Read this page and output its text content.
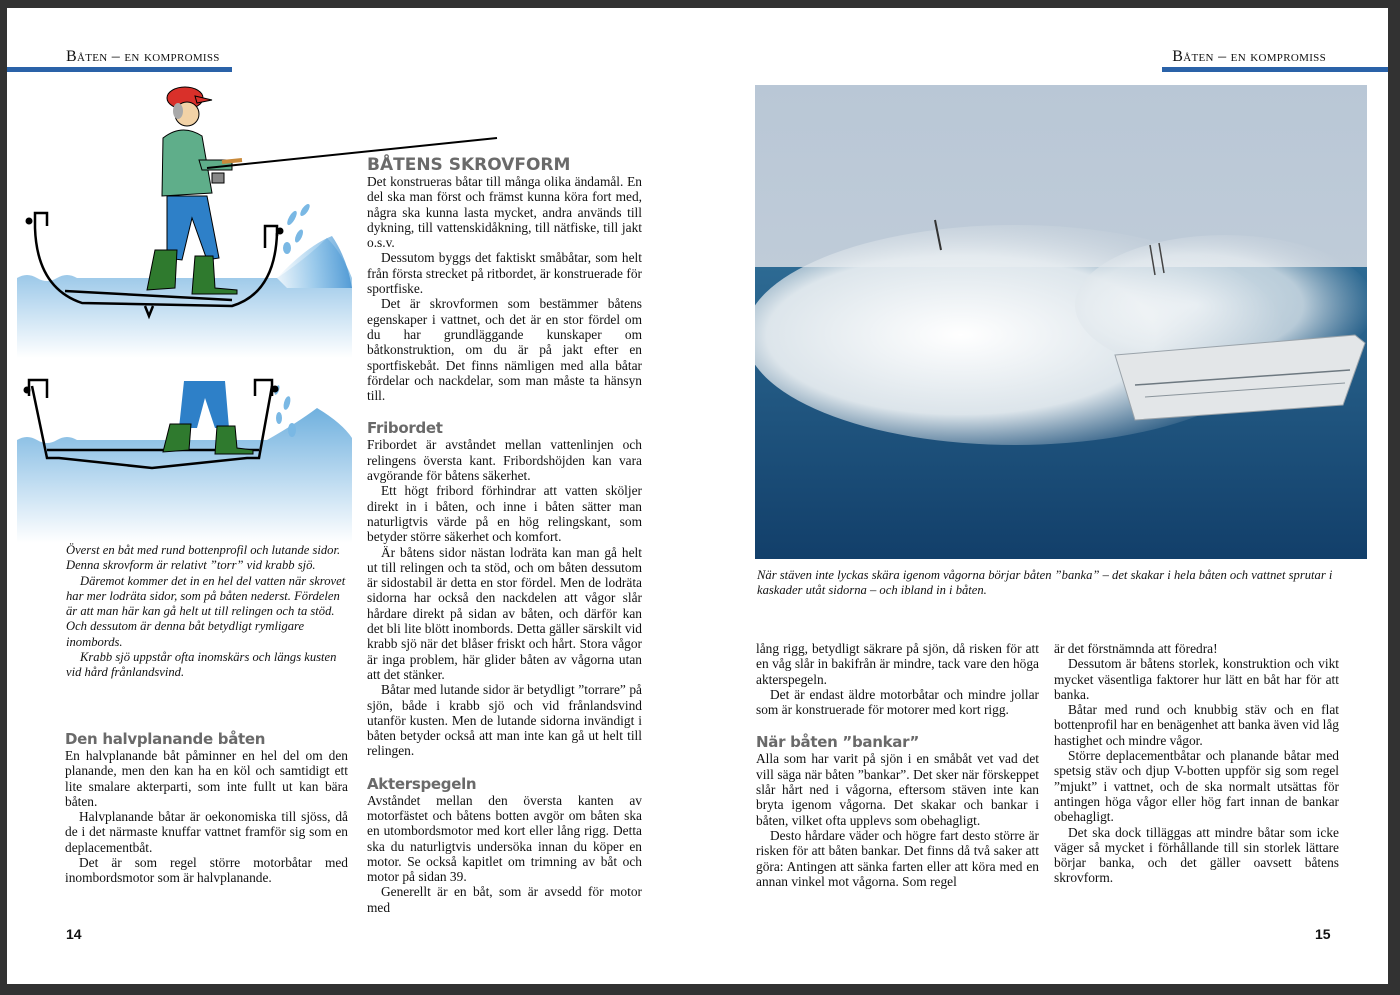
Båten – en kompromiss	Båten – en kompromiss

Överst en båt med rund bottenprofil och lutande sidor. Denna skrovform är relativt ”torr” vid krabb sjö.

Däremot kommer det in en hel del vatten när skrovet har mer lodräta sidor, som på båten nederst. Fördelen är att man här kan gå helt ut till relingen och ta stöd. Och dessutom är denna båt betydligt rymligare inombords.

Krabb sjö uppstår ofta inomskärs och längs kusten vid hård frånlandsvind.

Den halvplanande båten

En halvplanande båt påminner en hel del om den planande, men den kan ha en köl och samtidigt ett lite smalare akterparti, som inte fullt ut kan bära båten.

Halvplanande båtar är oekonomiska till sjöss, då de i det närmaste knuffar vattnet framför sig som en deplacementbåt.

Det är som regel större motorbåtar med inombordsmotor som är halvplanande.

BÅTENS SKROVFORM

Det konstrueras båtar till många olika ändamål. En del ska man först och främst kunna köra fort med, några ska kunna lasta mycket, andra används till dykning, till vattenskidåkning, till nätfiske, till jakt o.s.v.

Dessutom byggs det faktiskt småbåtar, som helt från första strecket på ritbordet, är konstruerade för sportfiske.

Det är skrovformen som bestämmer båtens egenskaper i vattnet, och det är en stor fördel om du har grundläggande kunskaper om båtkonstruktion, om du är på jakt efter en sportfiskebåt. Det finns nämligen med alla båtar fördelar och nackdelar, som man måste ta hänsyn till.

Fribordet

Fribordet är avståndet mellan vattenlinjen och relingens översta kant. Fribordshöjden kan vara avgörande för båtens säkerhet.

Ett högt fribord förhindrar att vatten sköljer direkt in i båten, och inne i båten sätter man naturligtvis värde på en hög relingskant, som betyder större säkerhet och komfort.

Är båtens sidor nästan lodräta kan man gå helt ut till relingen och ta stöd, och om båten dessutom är sidostabil är detta en stor fördel. Men de lodräta sidorna har också den nackdelen att vågor slår hårdare direkt på sidan av båten, och därför kan det bli lite blött inombords. Detta gäller särskilt vid krabb sjö när det blåser friskt och hårt. Stora vågor är inga problem, här glider båten av vågorna utan att det stänker.

Båtar med lutande sidor är betydligt ”torrare” på sjön, både i krabb sjö och vid frånlandsvind utanför kusten. Men de lutande sidorna invändigt i båten betyder också att man inte kan gå ut helt till relingen.

Akterspegeln

Avståndet mellan den översta kanten av motorfästet och båtens botten avgör om båten ska en utombordsmotor med kort eller lång rigg. Detta ska du naturligtvis undersöka innan du köper en motor. Se också kapitlet om trimning av båt och motor på sidan 39.

Generellt är en båt, som är avsedd för motor med

14

När stäven inte lyckas skära igenom vågorna börjar båten ”banka” – det skakar i hela båten och vattnet sprutar i kaskader utåt sidorna – och ibland in i båten.

lång rigg, betydligt säkrare på sjön, då risken för att en våg slår in bakifrån är mindre, tack vare den höga akterspegeln.

Det är endast äldre motorbåtar och mindre jollar som är konstruerade för motorer med kort rigg.

När båten ”bankar”

Alla som har varit på sjön i en småbåt vet vad det vill säga när båten ”bankar”. Det sker när förskeppet slår hårt ned i vågorna, eftersom stäven inte kan bryta igenom vågorna. Det skakar och bankar i båten, vilket ofta upplevs som obehagligt.

Desto hårdare väder och högre fart desto större är risken för att båten bankar. Det finns då två saker att göra: Antingen att sänka farten eller att köra med en annan vinkel mot vågorna. Som regel

är det förstnämnda att föredra!

Dessutom är båtens storlek, konstruktion och vikt mycket väsentliga faktorer hur lätt en båt har för att banka.

Båtar med rund och knubbig stäv och en flat bottenprofil har en benägenhet att banka även vid låg hastighet och mindre vågor.

Större deplacementbåtar och planande båtar med spetsig stäv och djup V-botten uppför sig som regel ”mjukt” i vattnet, och de ska normalt utsättas för antingen höga vågor eller hög fart innan de bankar obehagligt.

Det ska dock tilläggas att mindre båtar som icke väger så mycket i förhållande till sin storlek lättare börjar banka, och det gäller oavsett båtens skrovform.

15
